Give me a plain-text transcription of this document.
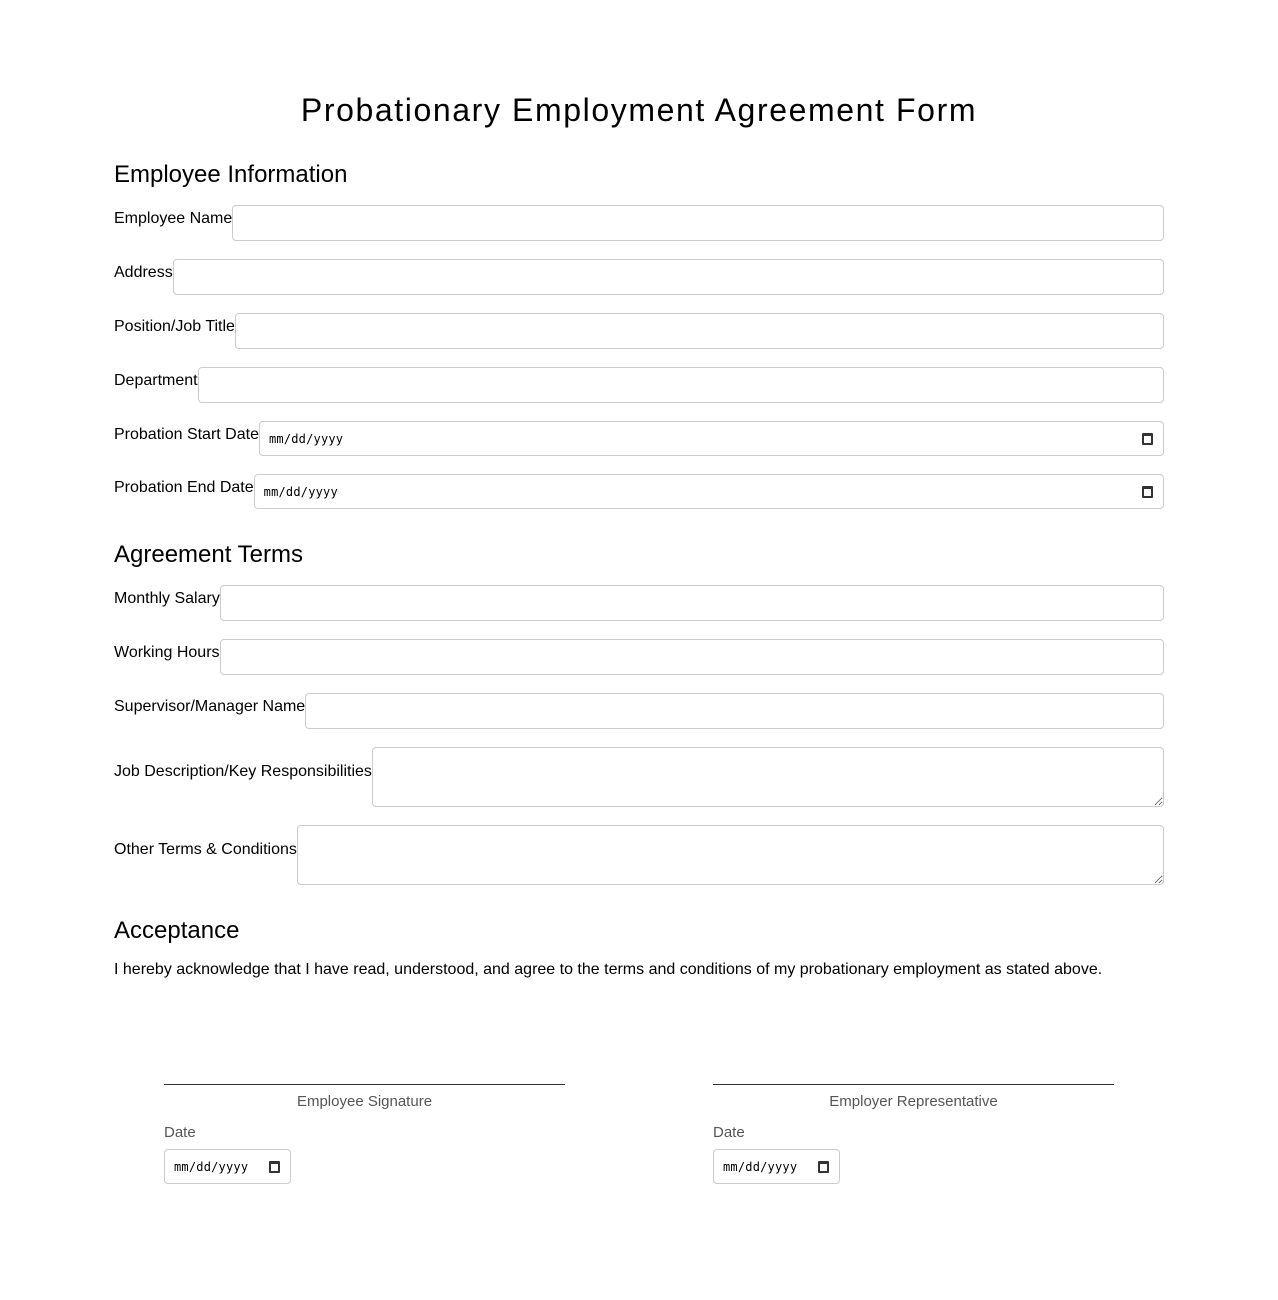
Probationary Employment Agreement Form
Employee Information
Employee Name
Address
Position/Job Title
Department
Probation Start Date mm/dd/yyyy
Probation End Date mm/dd/yyyy
Agreement Terms
Monthly Salary
Working Hours
Supervisor/Manager Name
Job Description/Key Responsibilities
Other Terms & Conditions
Acceptance

I hereby acknowledge that I have read, understood, and agree to the terms and conditions of my probationary employment as stated above.

Employee Signature
Date
mm/dd/yyyy
Employer Representative
Date
mm/dd/yyyy
